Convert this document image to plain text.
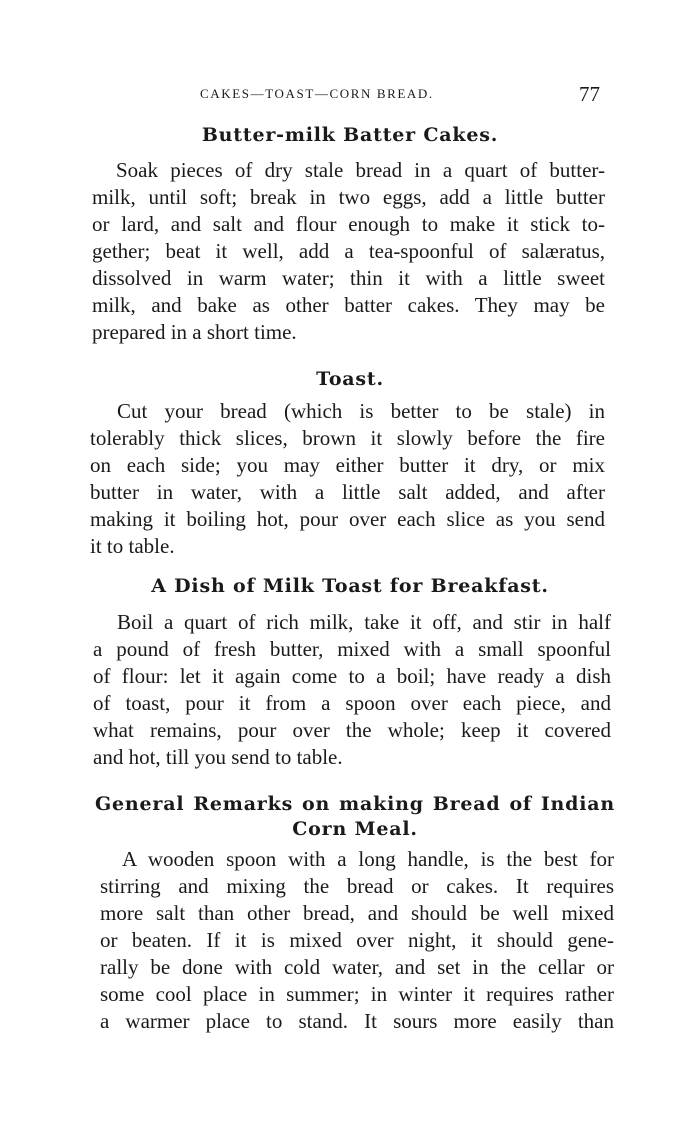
CAKES—TOAST—CORN BREAD.	77
Butter-milk Batter Cakes.
Soak pieces of dry stale bread in a quart of butter-
milk, until soft; break in two eggs, add a little butter
or lard, and salt and flour enough to make it stick to-
gether; beat it well, add a tea-spoonful of salæratus,
dissolved in warm water; thin it with a little sweet
milk, and bake as other batter cakes. They may be
prepared in a short time.
Toast.
Cut your bread (which is better to be stale) in
tolerably thick slices, brown it slowly before the fire
on each side; you may either butter it dry, or mix
butter in water, with a little salt added, and after
making it boiling hot, pour over each slice as you send
it to table.
A Dish of Milk Toast for Breakfast.
Boil a quart of rich milk, take it off, and stir in half
a pound of fresh butter, mixed with a small spoonful
of flour: let it again come to a boil; have ready a dish
of toast, pour it from a spoon over each piece, and
what remains, pour over the whole; keep it covered
and hot, till you send to table.
General Remarks on making Bread of Indian
Corn Meal.
A wooden spoon with a long handle, is the best for
stirring and mixing the bread or cakes. It requires
more salt than other bread, and should be well mixed
or beaten. If it is mixed over night, it should gene-
rally be done with cold water, and set in the cellar or
some cool place in summer; in winter it requires rather
a warmer place to stand. It sours more easily than
